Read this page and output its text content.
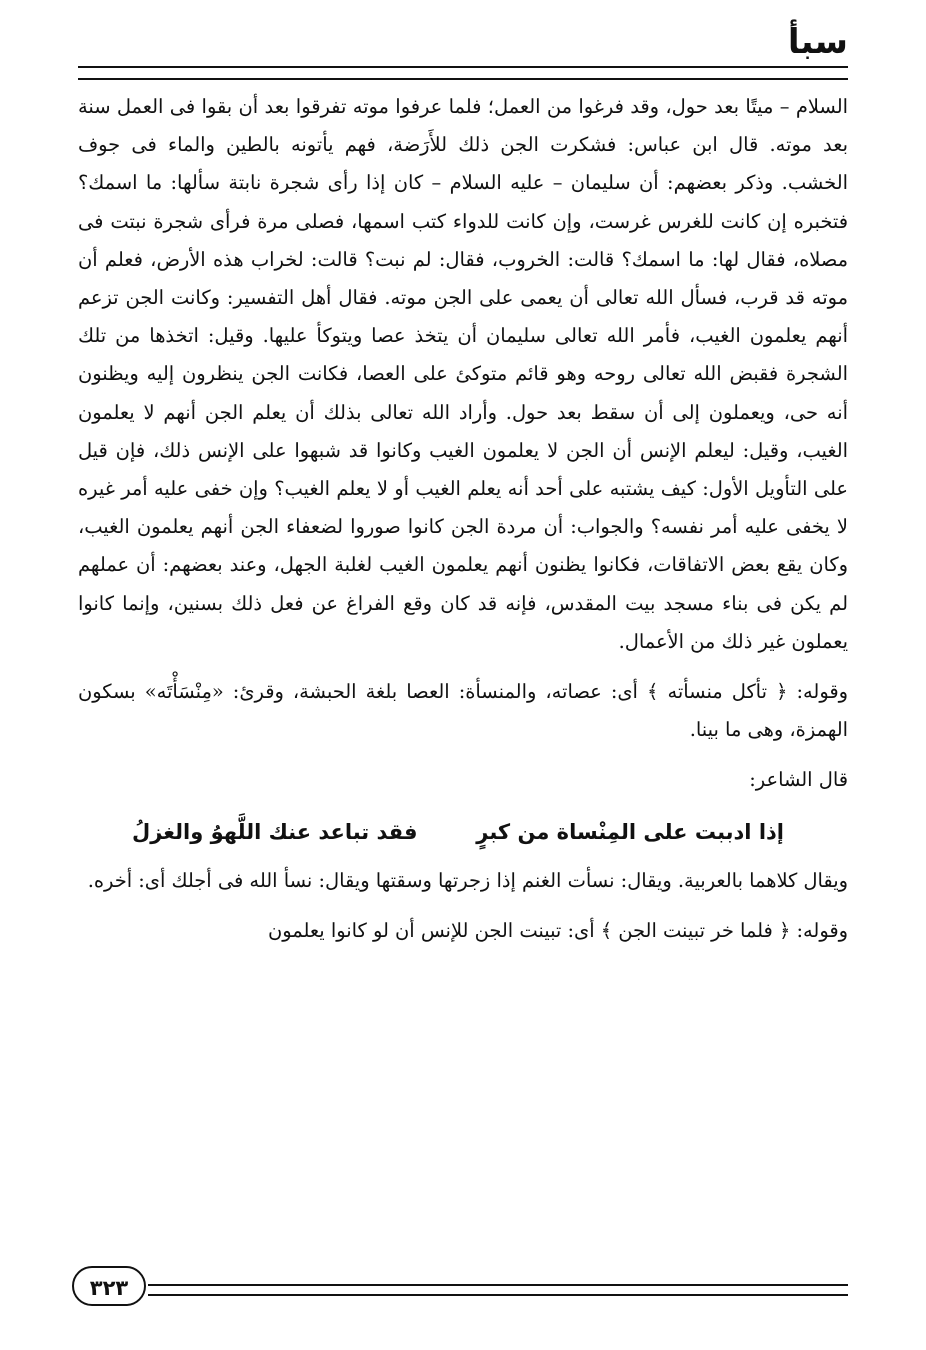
سبأ

السلام – ميتًا بعد حول، وقد فرغوا من العمل؛ فلما عرفوا موته تفرقوا بعد أن بقوا فى العمل سنة بعد موته. قال ابن عباس: فشكرت الجن ذلك للأَرَضة، فهم يأتونه بالطين والماء فى جوف الخشب. وذكر بعضهم: أن سليمان – عليه السلام – كان إذا رأى شجرة نابتة سألها: ما اسمك؟ فتخبره إن كانت للغرس غرست، وإن كانت للدواء كتب اسمها، فصلى مرة فرأى شجرة نبتت فى مصلاه، فقال لها: ما اسمك؟ قالت: الخروب، فقال: لم نبت؟ قالت: لخراب هذه الأرض، فعلم أن موته قد قرب، فسأل الله تعالى أن يعمى على الجن موته. فقال أهل التفسير: وكانت الجن تزعم أنهم يعلمون الغيب، فأمر الله تعالى سليمان أن يتخذ عصا ويتوكأ عليها. وقيل: اتخذها من تلك الشجرة فقبض الله تعالى روحه وهو قائم متوكئ على العصا، فكانت الجن ينظرون إليه ويظنون أنه حى، ويعملون إلى أن سقط بعد حول. وأراد الله تعالى بذلك أن يعلم الجن أنهم لا يعلمون الغيب، وقيل: ليعلم الإنس أن الجن لا يعلمون الغيب وكانوا قد شبهوا على الإنس ذلك، فإن قيل على التأويل الأول: كيف يشتبه على أحد أنه يعلم الغيب أو لا يعلم الغيب؟ وإن خفى عليه أمر غيره لا يخفى عليه أمر نفسه؟ والجواب: أن مردة الجن كانوا صوروا لضعفاء الجن أنهم يعلمون الغيب، وكان يقع بعض الاتفاقات، فكانوا يظنون أنهم يعلمون الغيب لغلبة الجهل، وعند بعضهم: أن عملهم لم يكن فى بناء مسجد بيت المقدس، فإنه قد كان وقع الفراغ عن فعل ذلك بسنين، وإنما كانوا يعملون غير ذلك من الأعمال.

وقوله: ﴿ تأكل منسأته ﴾ أى: عصاته، والمنسأة: العصا بلغة الحبشة، وقرئ: «مِنْسَأْتَه» بسكون الهمزة، وهى ما بينا.

قال الشاعر:

إذا ادببت على المِنْساة من كبرٍ
فقد تباعد عنك اللَّهوُ والغزلُ

ويقال كلاهما بالعربية. ويقال: نسأت الغنم إذا زجرتها وسقتها ويقال: نسأ الله فى أجلك أى: أخره.

وقوله: ﴿ فلما خر تبينت الجن ﴾ أى: تبينت الجن للإنس أن لو كانوا يعلمون

٣٢٣
